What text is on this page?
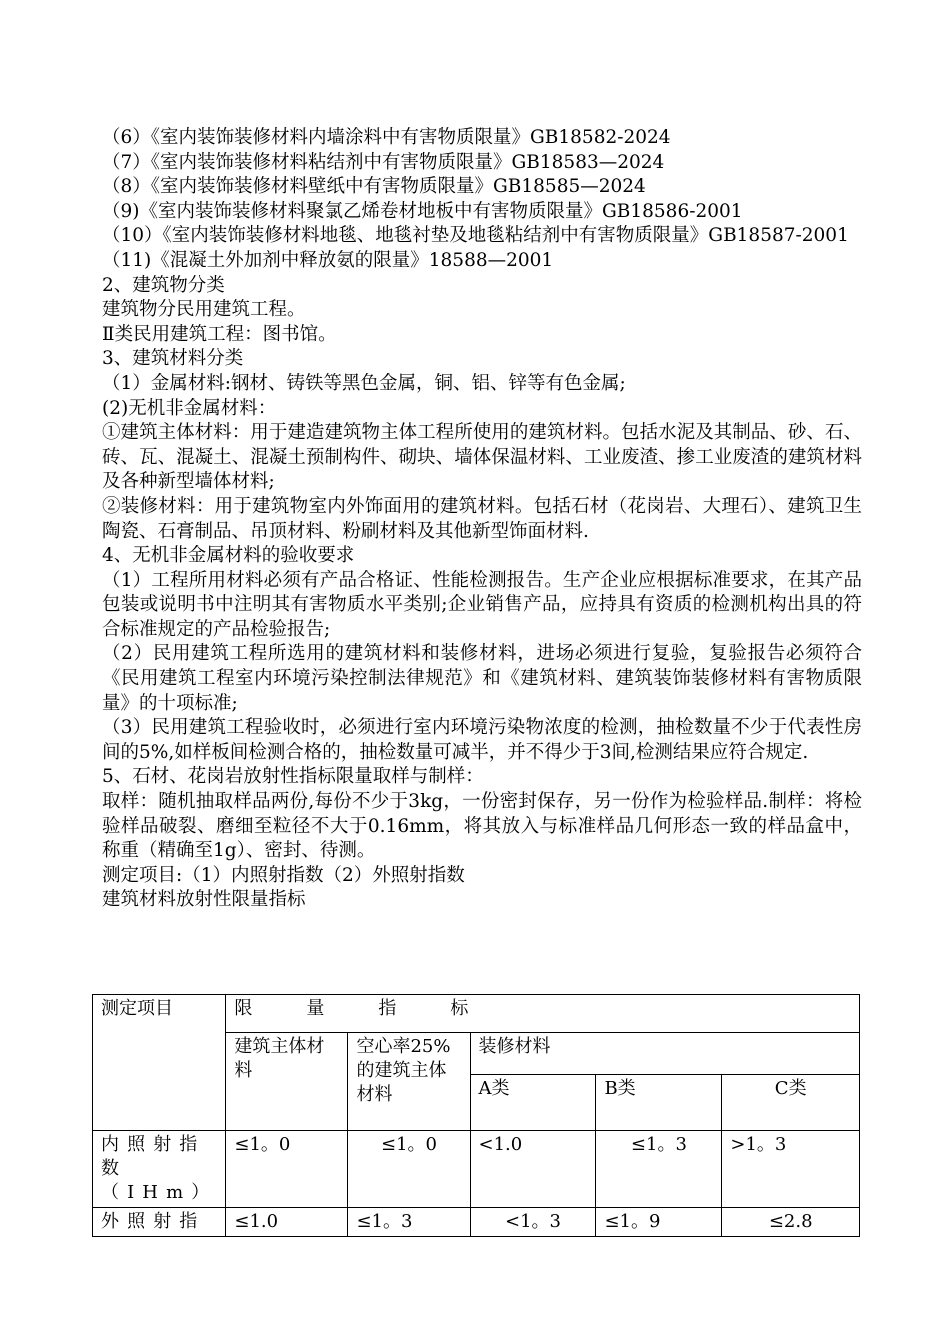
（6）《室内装饰装修材料内墙涂料中有害物质限量》GB18582-2024
（7）《室内装饰装修材料粘结剂中有害物质限量》GB18583—2024
（8）《室内装饰装修材料壁纸中有害物质限量》GB18585—2024
（9)《室内装饰装修材料聚氯乙烯卷材地板中有害物质限量》GB18586-2001
（10）《室内装饰装修材料地毯、地毯衬垫及地毯粘结剂中有害物质限量》GB18587-2001
（11)《混凝土外加剂中释放氨的限量》18588—2001
2、建筑物分类
建筑物分民用建筑工程。
Ⅱ类民用建筑工程：图书馆。
3、建筑材料分类
（1）金属材料:钢材、铸铁等黑色金属，铜、铝、锌等有色金属;
(2)无机非金属材料：
①建筑主体材料：用于建造建筑物主体工程所使用的建筑材料。包括水泥及其制品、砂、石、砖、瓦、混凝土、混凝土预制构件、砌块、墙体保温材料、工业废渣、掺工业废渣的建筑材料及各种新型墙体材料;
②装修材料：用于建筑物室内外饰面用的建筑材料。包括石材（花岗岩、大理石）、建筑卫生陶瓷、石膏制品、吊顶材料、粉刷材料及其他新型饰面材料.
4、无机非金属材料的验收要求
（1）工程所用材料必须有产品合格证、性能检测报告。生产企业应根据标准要求，在其产品包装或说明书中注明其有害物质水平类别;企业销售产品，应持具有资质的检测机构出具的符合标准规定的产品检验报告;
（2）民用建筑工程所选用的建筑材料和装修材料，进场必须进行复验，复验报告必须符合《民用建筑工程室内环境污染控制法律规范》和《建筑材料、建筑装饰装修材料有害物质限量》的十项标准;
（3）民用建筑工程验收时，必须进行室内环境污染物浓度的检测，抽检数量不少于代表性房间的5%,如样板间检测合格的，抽检数量可减半，并不得少于3间,检测结果应符合规定.
5、石材、花岗岩放射性指标限量取样与制样：
取样：随机抽取样品两份,每份不少于3kg，一份密封保存，另一份作为检验样品.制样：将检验样品破裂、磨细至粒径不大于0.16mm，将其放入与标准样品几何形态一致的样品盒中，称重（精确至1g）、密封、待测。
测定项目:（1）内照射指数（2）外照射指数
建筑材料放射性限量指标
测定项目	限　　　量　　　指　　　标				
	建筑主体材料	空心率25%的建筑主体材料	装修材料		
			A类	B类	C类
内照射指数（IHm）	≤1。0	≤1。0	<1.0	≤1。3	>1。3
外照射指	≤1.0	≤1。3	<1。3	≤1。9	≤2.8
